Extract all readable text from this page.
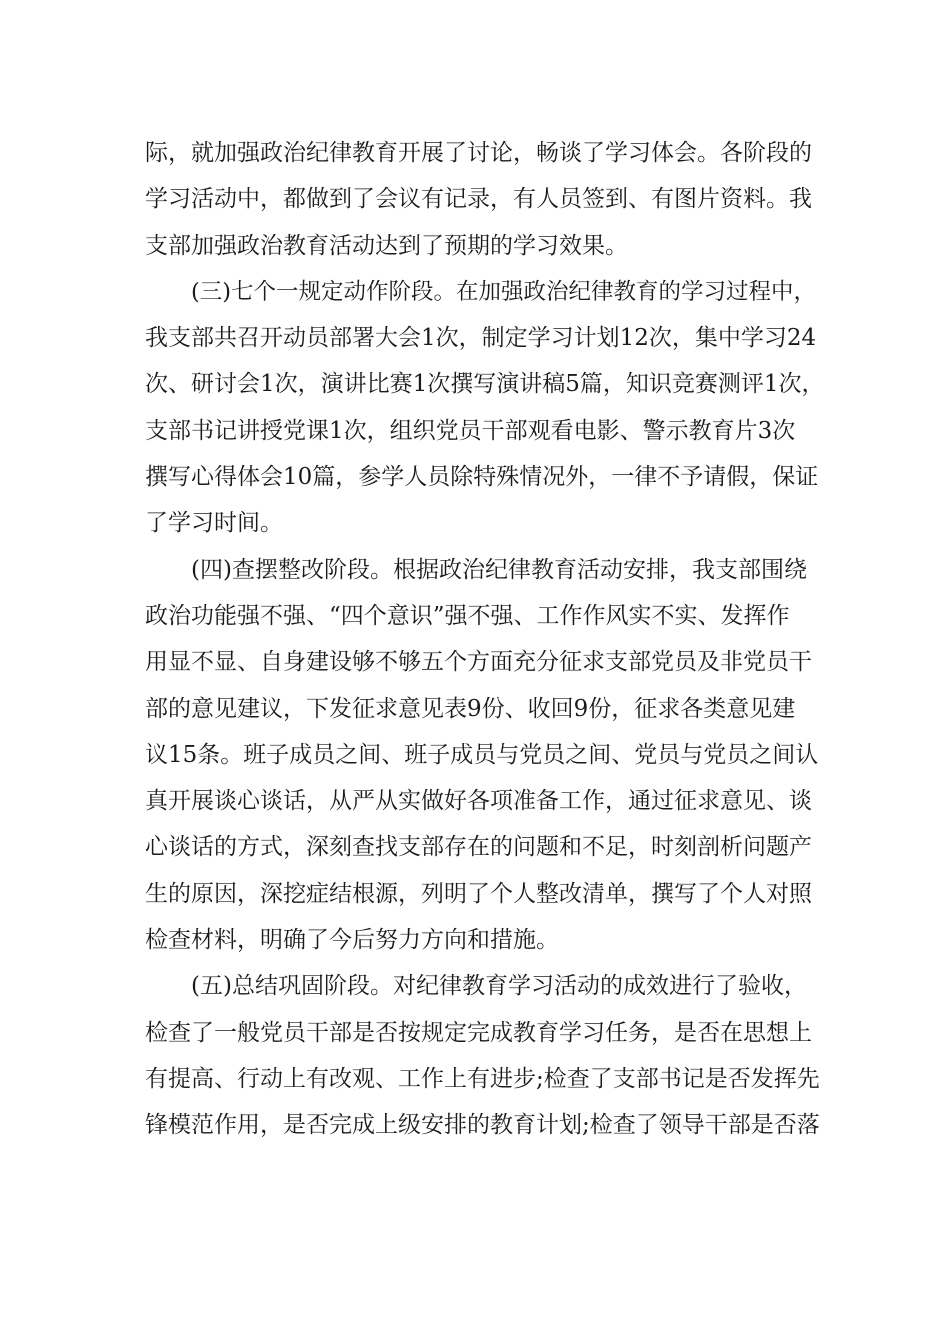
际，就加强政治纪律教育开展了讨论，畅谈了学习体会。各阶段的
学习活动中，都做到了会议有记录，有人员签到、有图片资料。我
支部加强政治教育活动达到了预期的学习效果。
(三)七个一规定动作阶段。在加强政治纪律教育的学习过程中，
我支部共召开动员部署大会1次，制定学习计划12次，集中学习24
次、研讨会1次，演讲比赛1次撰写演讲稿5篇，知识竞赛测评1次，
支部书记讲授党课1次，组织党员干部观看电影、警示教育片3次
撰写心得体会10篇，参学人员除特殊情况外，一律不予请假，保证
了学习时间。
(四)查摆整改阶段。根据政治纪律教育活动安排，我支部围绕
政治功能强不强、“四个意识”强不强、工作作风实不实、发挥作
用显不显、自身建设够不够五个方面充分征求支部党员及非党员干
部的意见建议，下发征求意见表9份、收回9份，征求各类意见建
议15条。班子成员之间、班子成员与党员之间、党员与党员之间认
真开展谈心谈话，从严从实做好各项准备工作，通过征求意见、谈
心谈话的方式，深刻查找支部存在的问题和不足，时刻剖析问题产
生的原因，深挖症结根源，列明了个人整改清单，撰写了个人对照
检查材料，明确了今后努力方向和措施。
(五)总结巩固阶段。对纪律教育学习活动的成效进行了验收，
检查了一般党员干部是否按规定完成教育学习任务，是否在思想上
有提高、行动上有改观、工作上有进步;检查了支部书记是否发挥先
锋模范作用，是否完成上级安排的教育计划;检查了领导干部是否落
